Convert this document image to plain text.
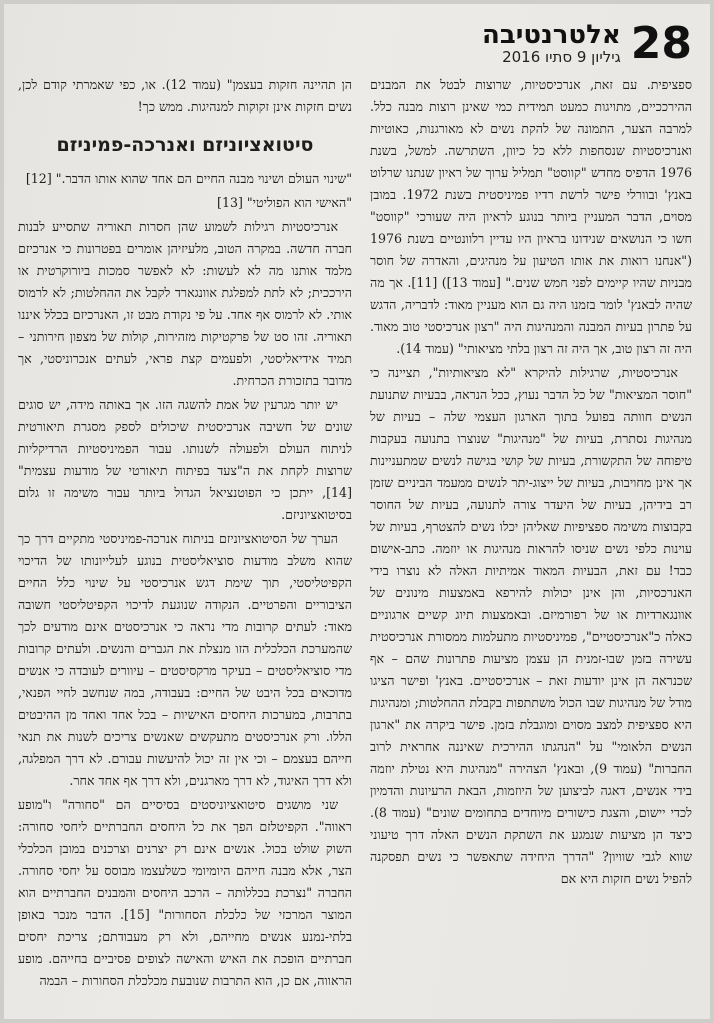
אלטרנטיבה
גיליון 9 סתיו 2016 28

ספציפית. עם זאת, אנרכיסטיות, שרוצות לבטל את המבנים ההירככיים, מתויגות כמעט תמידית כמי שאינן רוצות מבנה כלל. למרבה הצער, התמונה של להקת נשים לא מאורגנות, כאוטיות ואנרכיסטיות שנסחפות ללא כל כיוון, השתרשה. למשל, בשנת 1976 הדפיס מחדש "קווסט" תמליל ערוך של ראיון שנתנו שרלוט באנץ' ובוורלי פישר לרשת רדיו פמיניסטית בשנת 1972. במובן מסוים, הדבר המעניין ביותר בנוגע לראיון היה שעורכי "קווסט" חשו כי הנושאים שנידונו בראיון היו עדיין רלוונטיים בשנת 1976 ("אנחנו רואות את אותו הטיעון על מנהיגים, והאדרה של חוסר מבניות שהיו קיימים לפני חמש שנים." [עמוד 13]) [11]. אך מה שהיה לבאנץ' לומר בזמנו היה גם הוא מעניין מאוד: לדבריה, הדגש על פתרון בעיות המבנה והמנהיגות היה "רצון אנרכיסטי טוב מאוד. היה זה רצון טוב, אך היה זה רצון בלתי מציאותי" (עמוד 14).

אנרכיסטיות, שרגילות להיקרא "לא מציאותיות", תציינה כי "חוסר המציאות" של כל הדבר נעוץ, ככל הנראה, בבעיות שתנועת הנשים חוותה בפועל בתוך הארגון העצמי שלה – בעיות של מנהיגות נסתרת, בעיות של "מנהיגות" שנוצרו בתנועה בעקבות טיפוחה של התקשורת, בעיות של קושי בגישה לנשים שמתעניינות אך אינן מחויבות, בעיות של ייצוג-יתר לנשים ממעמד הביניים שזמן רב בידיהן, בעיות של היעדר צורה לתנועה, בעיות של החוסר בקבוצות משימה ספציפיות שאליהן יכלו נשים להצטרף, בעיות של עוינות כלפי נשים שניסו להראות מנהיגות או יוזמה. כתב-אישום כבד! עם זאת, הבעיות המאוד אמיתיות האלה לא נוצרו בידי האנרכסיות, והן אינן יכולות להירפא באמצעות מינונים של אוונגארדיות או של רפורמיזם. ובאמצעות תיוג קשיים ארגוניים כאלה כ"אנרכיסטיים", פמיניסטיות מתעלמות ממסורת אנרכיסטית עשירה בזמן שבו-זמנית הן עצמן מציעות פתרונות שהם – אף שכנראה הן אינן יודעות זאת – אנרכיסטיים. באנץ' ופישר הציגו מודל של מנהיגות שבו הכול משתתפות בקבלת ההחלטות; ומנהיגות היא ספציפית למצב מסוים ומוגבלת בזמן. פישר ביקרה את "ארגון הנשים הלאומי" על "הנהגתו ההירכית שאיננה אחראית לרוב החברות" (עמוד 9), ובאנץ' הצהירה "מנהיגות היא נטילת יוזמה בידי אנשים, דאגה לביצוען של היוזמות, הבאת הרעיונות והדמיון לכדי יישום, והצגת כישורים מיוחדים בתחומים שונים" (עמוד 8). כיצד הן מציעות שנמגע את השתקת הנשים האלה דרך טיעוני שווא לגבי שוויון? "הדרך היחידה שתאפשר כי נשים תפסקנה להפיל נשים חזקות היא אם

הן תהיינה חזקות בעצמן" (עמוד 12). או, כפי שאמרתי קודם לכן, נשים חזקות אינן זקוקות למנהיגות. ממש כך!

סיטואציוניזם ואנרכה-פמיניזם

"שינוי העולם ושינוי מבנה החיים הם אחד שהוא אותו הדבר." [12]

"האישי הוא הפוליטי" [13]

אנרכיסטיות רגילות לשמוע שהן חסרות תאוריה שתסייע לבנות חברה חדשה. במקרה הטוב, מלעיזיהן אומרים בפטרונות כי אנרכיזם מלמד אותנו מה לא לעשות: לא לאפשר סמכות ביורוקרטית או הירככית; לא לתת למפלגת אוונגארד לקבל את ההחלטות; לא לרמוס אותי. לא לרמוס אף אחד. על פי נקודת מבט זו, האנרכיזם בכלל איננו תאוריה. זהו סט של פרקטיקות מזהירות, קולות של מצפון חירותני – תמיד אידיאליסטי, ולפעמים קצת פראי, לעתים אנכרוניסטי, אך מדובר בתזכורת הכרחית.

יש יותר מגרעין של אמת להשגה הזו. אך באותה מידה, יש סוגים שונים של חשיבה אנרכיסטית שיכולים לספק מסגרת תיאורטית לניתוח העולם ולפעולה לשנותו. עבור הפמיניסטיות הרדיקליות שרוצות לקחת את ה"צעד בפיתוח תיאורטי של מודעות עצמית" [14], ייתכן כי הפוטנציאל הגדול ביותר עבור משימה זו גלום בסיטואציוניזם.

הערך של הסיטואציוניזם בניתוח אנרכה-פמיניסטי מתקיים דרך כך שהוא משלב מודעות סוציאליסטית בנוגע לעלייונותו של הדיכוי הקפיטליסטי, תוך שימת דגש אנרכיסטי על שינוי כלל החיים הציבוריים והפרטיים. הנקודה שנוגעת לדיכוי הקפיטליסטי חשובה מאוד: לעתים קרובות מדי נראה כי אנרכיסטים אינם מודעים לכך שהמערכת הכלכלית הזו מנצלת את הגברים והנשים. ולעתים קרובות מדי סוציאליסטים – בעיקר מרקסיסטים – עיוורים לעובדה כי אנשים מדוכאים בכל היבט של החיים: בעבודה, במה שנחשב לחיי הפנאי, בתרבות, במערכות היחסים האישיות – בכל אחד ואחד מן ההיבטים הללו. ורק אנרכיסטים מתעקשים שאנשים צריכים לשנות את תנאי חייהם בעצמם – וכי אין זה יכול להיעשות עבורם. לא דרך המפלגה, ולא דרך האיגוד, לא דרך מארגנים, ולא דרך אף אחד אחר.

שני מושגים סיטואציוניסטים בסיסיים הם "סחורה" ו"מופע ראווה". הקפיטלזם הפך את כל היחסים החברתיים ליחסי סחורה: השוק שולט בכול. אנשים אינם רק יצרנים וצרכנים במובן הכלכלי הצר, אלא מבנה חייהם היומיומי כשלעצמו מבוסס על יחסי סחורה. החברה "נצרכת בכללותה – הרכב היחסים והמבנים החברתיים הוא המוצר המרכזי של כלכלת הסחורות" [15]. הדבר מנכר באופן בלתי-נמנע אנשים מחייהם, ולא רק מעבודתם; צריכת יחסים חברתיים הופכת את האיש והאישה לצופים פסיביים בחייהם. מופע הראווה, אם כן, הוא התרבות שנובעת מכלכלת הסחורות – הבמה
